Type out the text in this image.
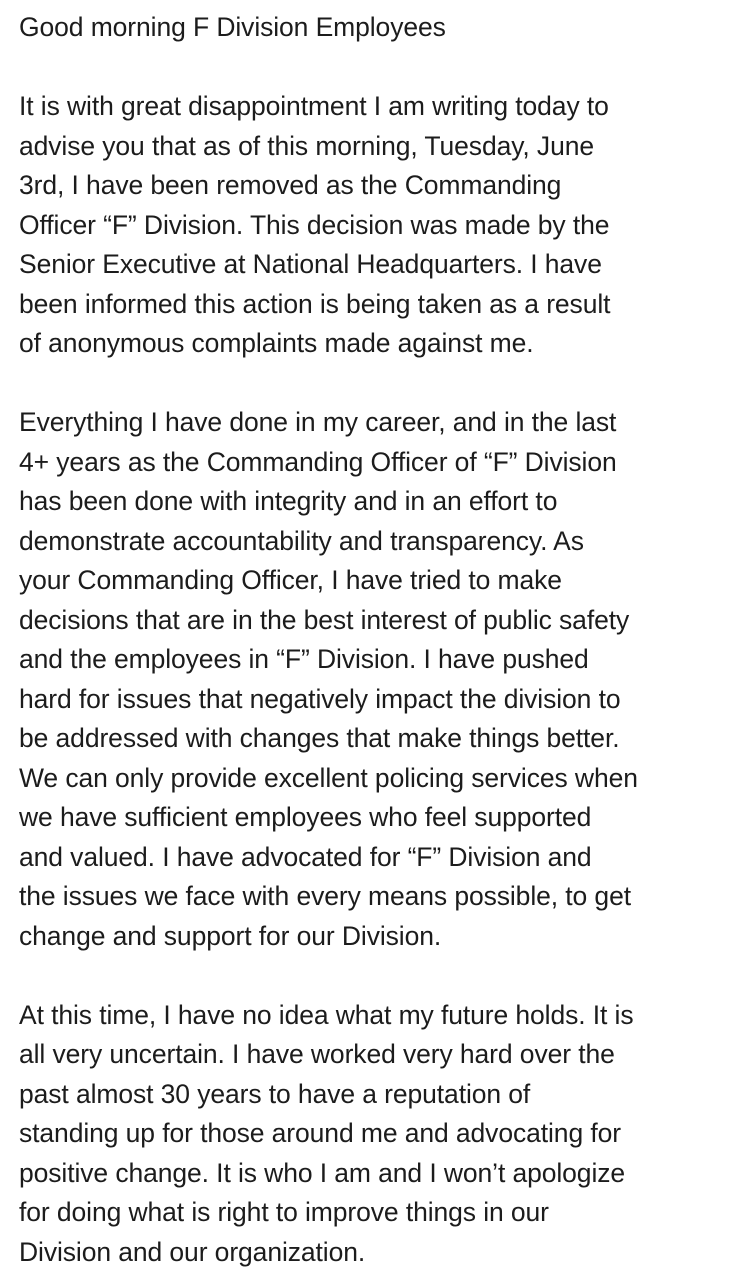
Good morning F Division Employees
It is with great disappointment I am writing today to
advise you that as of this morning, Tuesday, June
3rd, I have been removed as the Commanding
Officer “F” Division. This decision was made by the
Senior Executive at National Headquarters. I have
been informed this action is being taken as a result
of anonymous complaints made against me.
Everything I have done in my career, and in the last
4+ years as the Commanding Officer of “F” Division
has been done with integrity and in an effort to
demonstrate accountability and transparency. As
your Commanding Officer, I have tried to make
decisions that are in the best interest of public safety
and the employees in “F” Division. I have pushed
hard for issues that negatively impact the division to
be addressed with changes that make things better.
We can only provide excellent policing services when
we have sufficient employees who feel supported
and valued. I have advocated for “F” Division and
the issues we face with every means possible, to get
change and support for our Division.
At this time, I have no idea what my future holds. It is
all very uncertain. I have worked very hard over the
past almost 30 years to have a reputation of
standing up for those around me and advocating for
positive change. It is who I am and I won’t apologize
for doing what is right to improve things in our
Division and our organization.
